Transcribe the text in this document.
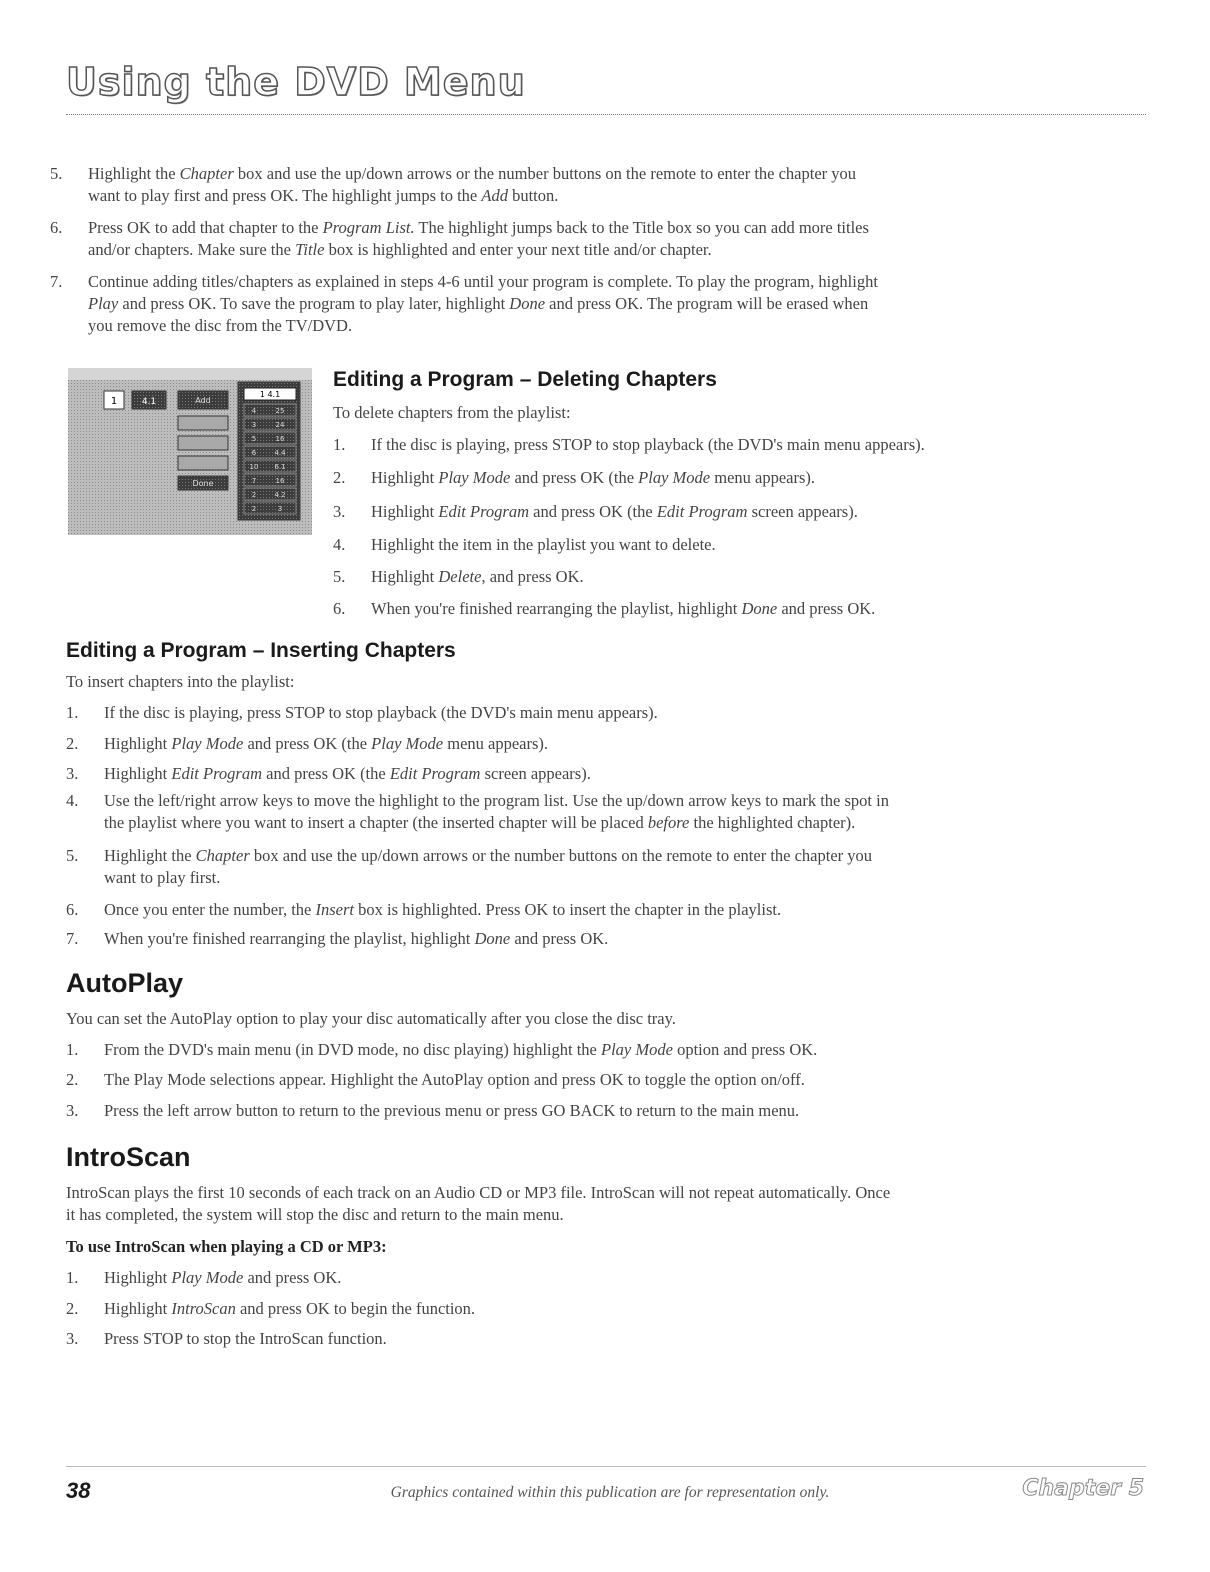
Using the DVD Menu
5.	Highlight the Chapter box and use the up/down arrows or the number buttons on the remote to enter the chapter you
want to play first and press OK. The highlight jumps to the Add button.
6.	Press OK to add that chapter to the Program List. The highlight jumps back to the Title box so you can add more titles
and/or chapters. Make sure the Title box is highlighted and enter your next title and/or chapter.
7.	Continue adding titles/chapters as explained in steps 4-6 until your program is complete. To play the program, highlight
Play and press OK. To save the program to play later, highlight Done and press OK. The program will be erased when
you remove the disc from the TV/DVD.
1	4.1	Add
Done
1 4.1
4	25
3	24
5	16
6	4.4
10 6.1
7	16
2	4.2
2	3
Editing a Program – Deleting Chapters
To delete chapters from the playlist:
1.	If the disc is playing, press STOP to stop playback (the DVD's main menu appears).
2.	Highlight Play Mode and press OK (the Play Mode menu appears).
3.	Highlight Edit Program and press OK (the Edit Program screen appears).
4.	Highlight the item in the playlist you want to delete.
5.	Highlight Delete, and press OK.
6.	When you're finished rearranging the playlist, highlight Done and press OK.
Editing a Program – Inserting Chapters
To insert chapters into the playlist:
1.	If the disc is playing, press STOP to stop playback (the DVD's main menu appears).
2.	Highlight Play Mode and press OK (the Play Mode menu appears).
3.	Highlight Edit Program and press OK (the Edit Program screen appears).
4.	Use the left/right arrow keys to move the highlight to the program list. Use the up/down arrow keys to mark the spot in
the playlist where you want to insert a chapter (the inserted chapter will be placed before the highlighted chapter).
5.	Highlight the Chapter box and use the up/down arrows or the number buttons on the remote to enter the chapter you
want to play first.
6.	Once you enter the number, the Insert box is highlighted. Press OK to insert the chapter in the playlist.
7.	When you're finished rearranging the playlist, highlight Done and press OK.
AutoPlay
You can set the AutoPlay option to play your disc automatically after you close the disc tray.
1.	From the DVD's main menu (in DVD mode, no disc playing) highlight the Play Mode option and press OK.
2.	The Play Mode selections appear. Highlight the AutoPlay option and press OK to toggle the option on/off.
3.	Press the left arrow button to return to the previous menu or press GO BACK to return to the main menu.
IntroScan
IntroScan plays the first 10 seconds of each track on an Audio CD or MP3 file. IntroScan will not repeat automatically. Once
it has completed, the system will stop the disc and return to the main menu.
To use IntroScan when playing a CD or MP3:
1.	Highlight Play Mode and press OK.
2.	Highlight IntroScan and press OK to begin the function.
3.	Press STOP to stop the IntroScan function.
38	Graphics contained within this publication are for representation only.	Chapter 5
